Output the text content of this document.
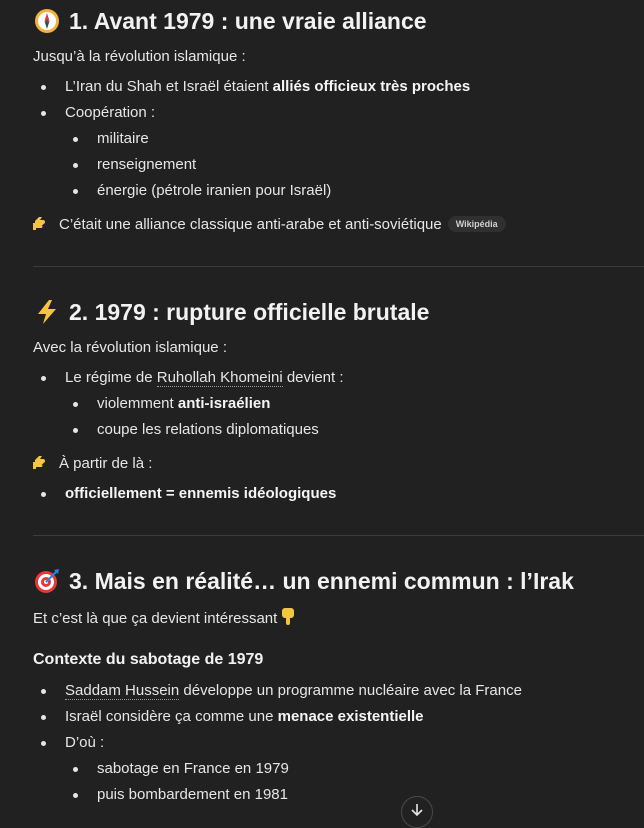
1. Avant 1979 : une vraie alliance
Jusqu’à la révolution islamique :
L’Iran du Shah et Israël étaient alliés officieux très proches
Coopération :
militaire
renseignement
énergie (pétrole iranien pour Israël)
C’était une alliance classique anti-arabe et anti-soviétique Wikipédia
2. 1979 : rupture officielle brutale
Avec la révolution islamique :
Le régime de Ruhollah Khomeini devient :
violemment anti-israélien
coupe les relations diplomatiques
À partir de là :
officiellement = ennemis idéologiques
3. Mais en réalité… un ennemi commun : l’Irak
Et c’est là que ça devient intéressant
Contexte du sabotage de 1979
Saddam Hussein développe un programme nucléaire avec la France
Israël considère ça comme une menace existentielle
D’où :
sabotage en France en 1979
puis bombardement en 1981
